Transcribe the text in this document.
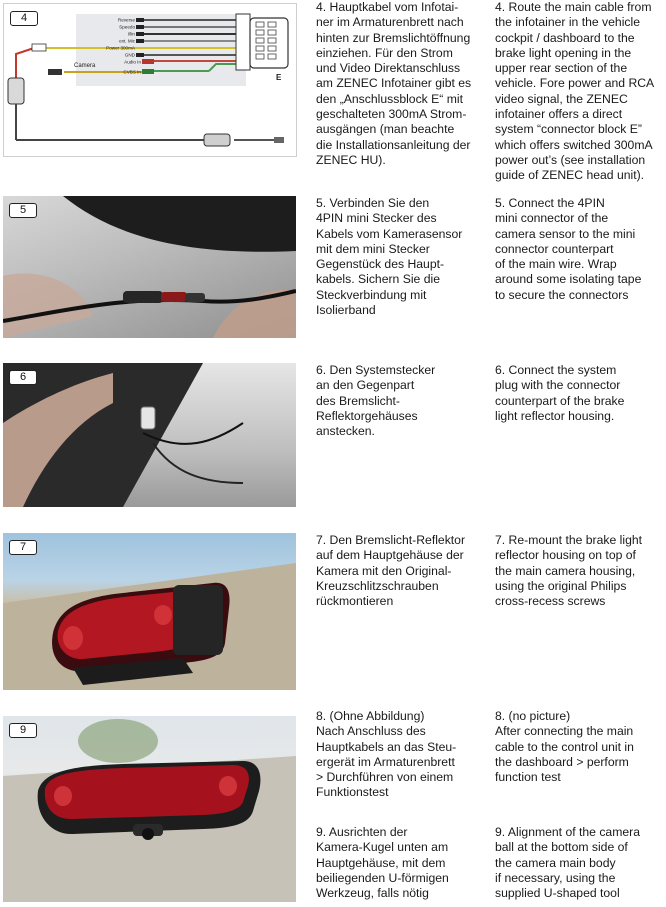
4	Reverse
Speedo
Illin
ext. Mic
Power 300mA
GND
Audio In
CVBS In
Camera
E

4. Hauptkabel vom Infotai-
ner im Armaturenbrett nach
hinten zur Bremslichtöffnung
einziehen. Für den Strom
und Video Direktanschluss
am ZENEC Infotainer gibt es
den „Anschlussblock E“ mit
geschalteten 300mA Strom-
ausgängen (man beachte
die Installationsanleitung der
ZENEC HU).

4. Route the main cable from
the infotainer in the vehicle
cockpit / dashboard to the
brake light opening in the
upper rear section of the
vehicle. Fore power and RCA
video signal, the ZENEC
infotainer offers a direct
system “connector block E”
which offers switched 300mA
power out’s (see installation
guide of ZENEC head unit).

5	5. Verbinden Sie den
4PIN mini Stecker des
Kabels vom Kamerasensor
mit dem mini Stecker
Gegenstück des Haupt-
kabels. Sichern Sie die
Steckverbindung mit
Isolierband

5. Connect the 4PIN
mini connector of the
camera sensor to the mini
connector counterpart
of the main wire. Wrap
around some isolating tape
to secure the connectors

6	6. Den Systemstecker
an den Gegenpart
des Bremslicht-
Reflektorgehäuses
anstecken.

6. Connect the system
plug with the connector
counterpart of the brake
light reflector housing.

7	7. Den Bremslicht-Reflektor
auf dem Hauptgehäuse der
Kamera mit den Original-
Kreuzschlitzschrauben
rückmontieren

7. Re-mount the brake light
reflector housing on top of
the main camera housing,
using the original Philips
cross-recess screws

9

8. (Ohne Abbildung)
Nach Anschluss des
Hauptkabels an das Steu-
ergerät im Armaturenbrett
> Durchführen von einem
Funktionstest

8. (no picture)
After connecting the main
cable to the control unit in
the dashboard > perform
function test

9. Ausrichten der
Kamera-Kugel unten am
Hauptgehäuse, mit dem
beiliegenden U-förmigen
Werkzeug, falls nötig

9. Alignment of the camera
ball at the bottom side of
the camera main body
if necessary, using the
supplied U-shaped tool
